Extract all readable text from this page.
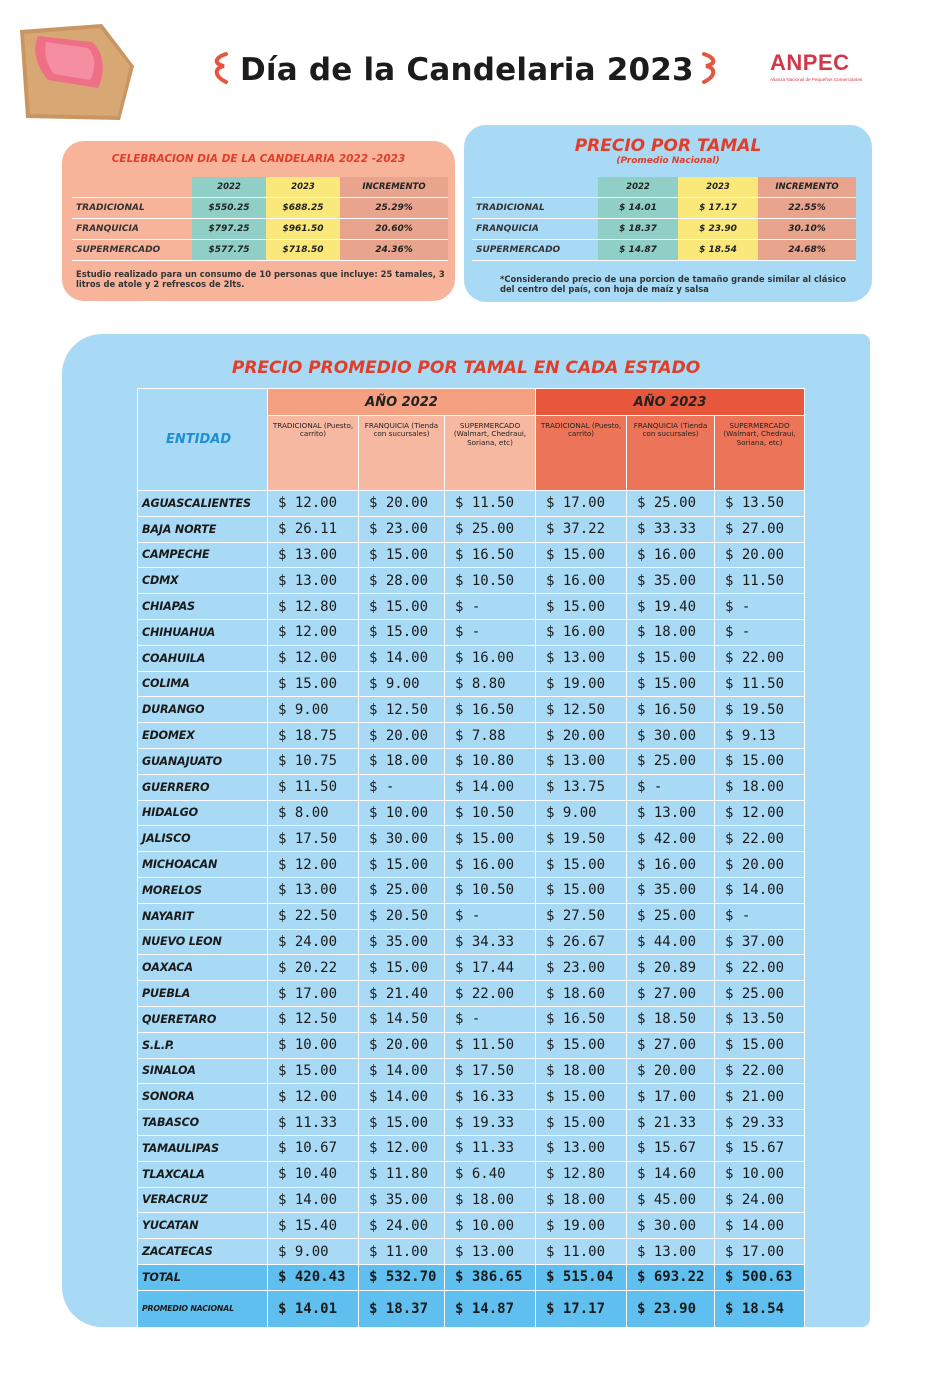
Día de la Candelaria 2023	ANPEC
Alianza Nacional de Pequeños Comerciantes
CELEBRACION DIA DE LA CANDELARIA 2022 -2023
	2022	2023	INCREMENTO
TRADICIONAL	$550.25	$688.25	25.29%
FRANQUICIA	$797.25	$961.50	20.60%
SUPERMERCADO	$577.75	$718.50	24.36%
Estudio realizado para un consumo de 10 personas que incluye: 25 tamales, 3 litros de atole y 2 refrescos de 2lts.
PRECIO POR TAMAL
(Promedio Nacional)
	2022	2023	INCREMENTO
TRADICIONAL	$ 14.01	$ 17.17	22.55%
FRANQUICIA	$ 18.37	$ 23.90	30.10%
SUPERMERCADO	$ 14.87	$ 18.54	24.68%
*Considerando precio de una porcion de tamaño grande similar al clásico del centro del país, con hoja de maíz y salsa
PRECIO PROMEDIO POR TAMAL EN CADA ESTADO
ENTIDAD	AÑO 2022			AÑO 2023		
	TRADICIONAL (Puesto, carrito)	FRANQUICIA (Tienda con sucursales)	SUPERMERCADO (Walmart, Chedraui, Soriana, etc)	TRADICIONAL (Puesto, carrito)	FRANQUICIA (Tienda con sucursales)	SUPERMERCADO (Walmart, Chedraui, Soriana, etc)
AGUASCALIENTES	$ 12.00	$ 20.00	$ 11.50	$ 17.00	$ 25.00	$ 13.50
BAJA NORTE	$ 26.11	$ 23.00	$ 25.00	$ 37.22	$ 33.33	$ 27.00
CAMPECHE	$ 13.00	$ 15.00	$ 16.50	$ 15.00	$ 16.00	$ 20.00
CDMX	$ 13.00	$ 28.00	$ 10.50	$ 16.00	$ 35.00	$ 11.50
CHIAPAS	$ 12.80	$ 15.00	$ -	$ 15.00	$ 19.40	$ -
CHIHUAHUA	$ 12.00	$ 15.00	$ -	$ 16.00	$ 18.00	$ -
COAHUILA	$ 12.00	$ 14.00	$ 16.00	$ 13.00	$ 15.00	$ 22.00
COLIMA	$ 15.00	$ 9.00	$ 8.80	$ 19.00	$ 15.00	$ 11.50
DURANGO	$ 9.00	$ 12.50	$ 16.50	$ 12.50	$ 16.50	$ 19.50
EDOMEX	$ 18.75	$ 20.00	$ 7.88	$ 20.00	$ 30.00	$ 9.13
GUANAJUATO	$ 10.75	$ 18.00	$ 10.80	$ 13.00	$ 25.00	$ 15.00
GUERRERO	$ 11.50	$ -	$ 14.00	$ 13.75	$ -	$ 18.00
HIDALGO	$ 8.00	$ 10.00	$ 10.50	$ 9.00	$ 13.00	$ 12.00
JALISCO	$ 17.50	$ 30.00	$ 15.00	$ 19.50	$ 42.00	$ 22.00
MICHOACAN	$ 12.00	$ 15.00	$ 16.00	$ 15.00	$ 16.00	$ 20.00
MORELOS	$ 13.00	$ 25.00	$ 10.50	$ 15.00	$ 35.00	$ 14.00
NAYARIT	$ 22.50	$ 20.50	$ -	$ 27.50	$ 25.00	$ -
NUEVO LEON	$ 24.00	$ 35.00	$ 34.33	$ 26.67	$ 44.00	$ 37.00
OAXACA	$ 20.22	$ 15.00	$ 17.44	$ 23.00	$ 20.89	$ 22.00
PUEBLA	$ 17.00	$ 21.40	$ 22.00	$ 18.60	$ 27.00	$ 25.00
QUERETARO	$ 12.50	$ 14.50	$ -	$ 16.50	$ 18.50	$ 13.50
S.L.P.	$ 10.00	$ 20.00	$ 11.50	$ 15.00	$ 27.00	$ 15.00
SINALOA	$ 15.00	$ 14.00	$ 17.50	$ 18.00	$ 20.00	$ 22.00
SONORA	$ 12.00	$ 14.00	$ 16.33	$ 15.00	$ 17.00	$ 21.00
TABASCO	$ 11.33	$ 15.00	$ 19.33	$ 15.00	$ 21.33	$ 29.33
TAMAULIPAS	$ 10.67	$ 12.00	$ 11.33	$ 13.00	$ 15.67	$ 15.67
TLAXCALA	$ 10.40	$ 11.80	$ 6.40	$ 12.80	$ 14.60	$ 10.00
VERACRUZ	$ 14.00	$ 35.00	$ 18.00	$ 18.00	$ 45.00	$ 24.00
YUCATAN	$ 15.40	$ 24.00	$ 10.00	$ 19.00	$ 30.00	$ 14.00
ZACATECAS	$ 9.00	$ 11.00	$ 13.00	$ 11.00	$ 13.00	$ 17.00
TOTAL	$ 420.43	$ 532.70	$ 386.65	$ 515.04	$ 693.22	$ 500.63
PROMEDIO NACIONAL	$ 14.01	$ 18.37	$ 14.87	$ 17.17	$ 23.90	$ 18.54
